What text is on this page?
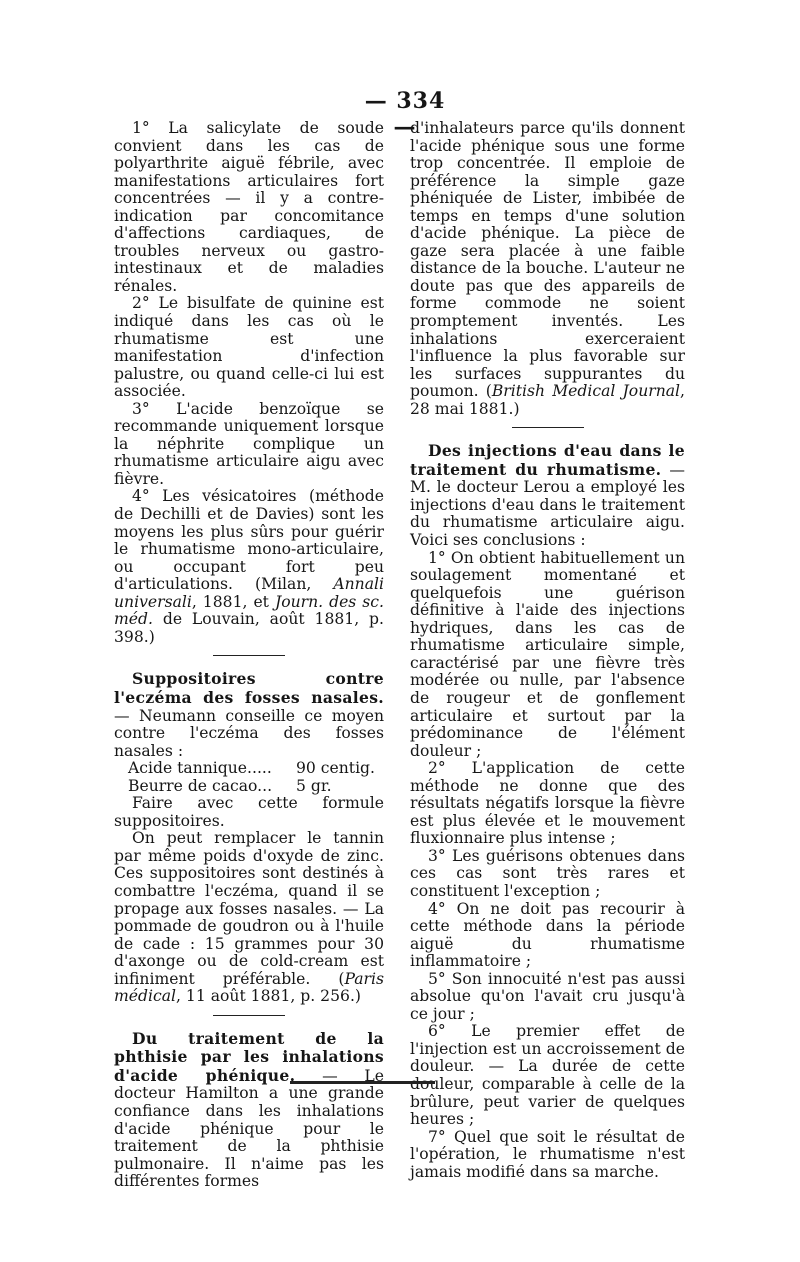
— 334 —

1° La salicylate de soude convient dans les cas de polyarthrite aiguë fébrile, avec manifestations articulaires fort concentrées — il y a contre-indication par concomitance d'affections cardiaques, de troubles nerveux ou gastro-intestinaux et de maladies rénales.

2° Le bisulfate de quinine est indiqué dans les cas où le rhumatisme est une manifestation d'infection palustre, ou quand celle-ci lui est associée.

3° L'acide benzoïque se recommande uniquement lorsque la néphrite complique un rhumatisme articulaire aigu avec fièvre.

4° Les vésicatoires (méthode de Dechilli et de Davies) sont les moyens les plus sûrs pour guérir le rhumatisme mono-articulaire, ou occupant fort peu d'articulations. (Milan, Annali universali, 1881, et Journ. des sc. méd. de Louvain, août 1881, p. 398.)

Suppositoires contre l'eczéma des fosses nasales. — Neumann conseille ce moyen contre l'eczéma des fosses nasales :

Acide tannique.....	90 centig.
Beurre de cacao...	5 gr.

Faire avec cette formule suppositoires.

On peut remplacer le tannin par même poids d'oxyde de zinc. Ces suppositoires sont destinés à combattre l'eczéma, quand il se propage aux fosses nasales. — La pommade de goudron ou à l'huile de cade : 15 grammes pour 30 d'axonge ou de cold-cream est infiniment préférable. (Paris médical, 11 août 1881, p. 256.)

Du traitement de la phthisie par les inhalations d'acide phénique. — Le docteur Hamilton a une grande confiance dans les inhalations d'acide phénique pour le traitement de la phthisie pulmonaire. Il n'aime pas les différentes formes

d'inhalateurs parce qu'ils donnent l'acide phénique sous une forme trop concentrée. Il emploie de préférence la simple gaze phéniquée de Lister, imbibée de temps en temps d'une solution d'acide phénique. La pièce de gaze sera placée à une faible distance de la bouche. L'auteur ne doute pas que des appareils de forme commode ne soient promptement inventés. Les inhalations exerceraient l'influence la plus favorable sur les surfaces suppurantes du poumon. (British Medical Journal, 28 mai 1881.)

Des injections d'eau dans le traitement du rhumatisme. — M. le docteur Lerou a employé les injections d'eau dans le traitement du rhumatisme articulaire aigu. Voici ses conclusions :

1° On obtient habituellement un soulagement momentané et quelquefois une guérison définitive à l'aide des injections hydriques, dans les cas de rhumatisme articulaire simple, caractérisé par une fièvre très modérée ou nulle, par l'absence de rougeur et de gonflement articulaire et surtout par la prédominance de l'élément douleur ;

2° L'application de cette méthode ne donne que des résultats négatifs lorsque la fièvre est plus élevée et le mouvement fluxionnaire plus intense ;

3° Les guérisons obtenues dans ces cas sont très rares et constituent l'exception ;

4° On ne doit pas recourir à cette méthode dans la période aiguë du rhumatisme inflammatoire ;

5° Son innocuité n'est pas aussi absolue qu'on l'avait cru jusqu'à ce jour ;

6° Le premier effet de l'injection est un accroissement de douleur. — La durée de cette douleur, comparable à celle de la brûlure, peut varier de quelques heures ;

7° Quel que soit le résultat de l'opération, le rhumatisme n'est jamais modifié dans sa marche.
